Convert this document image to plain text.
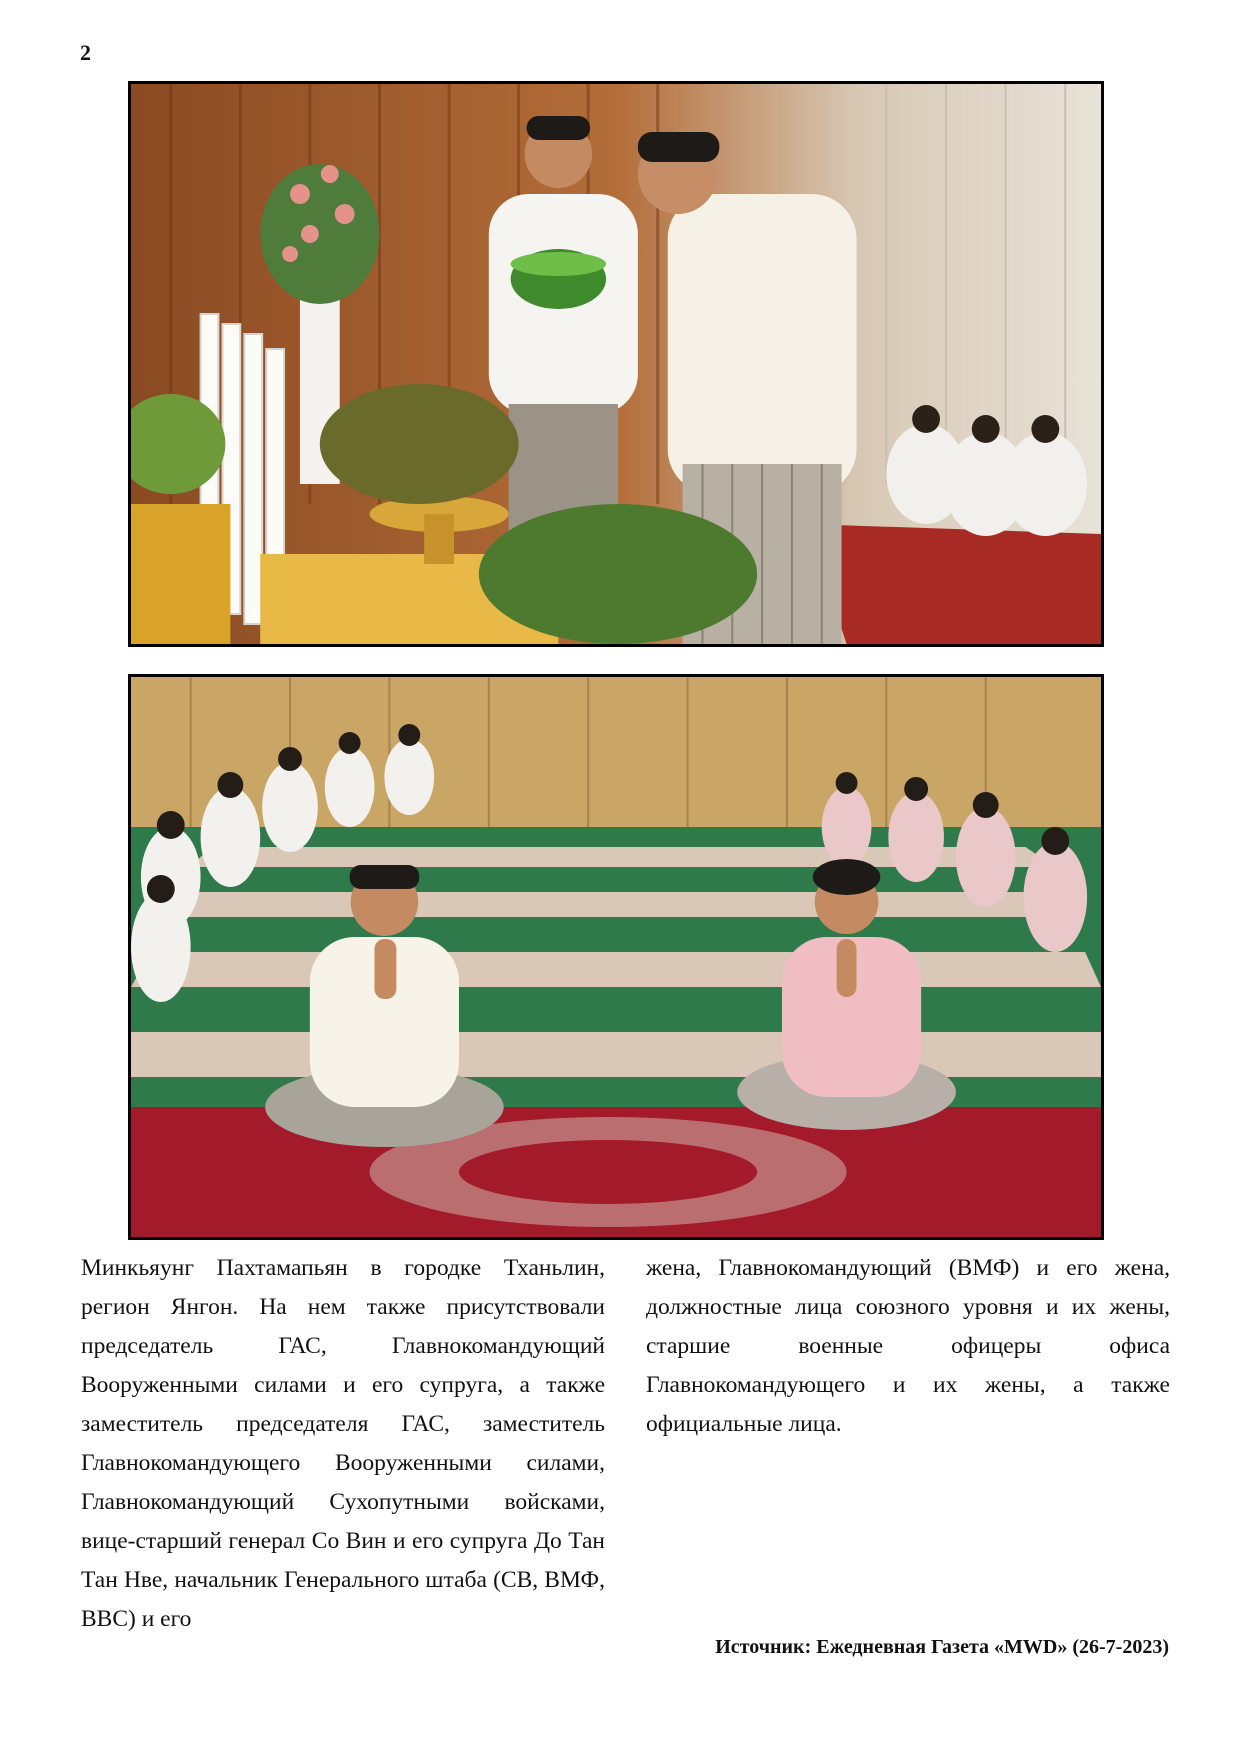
2
Минкьяунг Пахтамапьян в городке Тханьлин, регион Янгон. На нем также присутствовали председатель ГАС, Главнокомандующий Вооруженными силами и его супруга, а также заместитель председателя ГАС, заместитель Главнокомандующего Вооруженными силами, Главнокомандующий Сухопутными войсками, вице-старший генерал Со Вин и его супруга До Тан Тан Нве, начальник Генерального штаба (СВ, ВМФ, ВВС) и его
жена, Главнокомандующий (ВМФ) и его жена, должностные лица союзного уровня и их жены, старшие военные офицеры офиса Главнокомандующего и их жены, а также официальные лица.
Источник: Ежедневная Газета «MWD» (26-7-2023)
